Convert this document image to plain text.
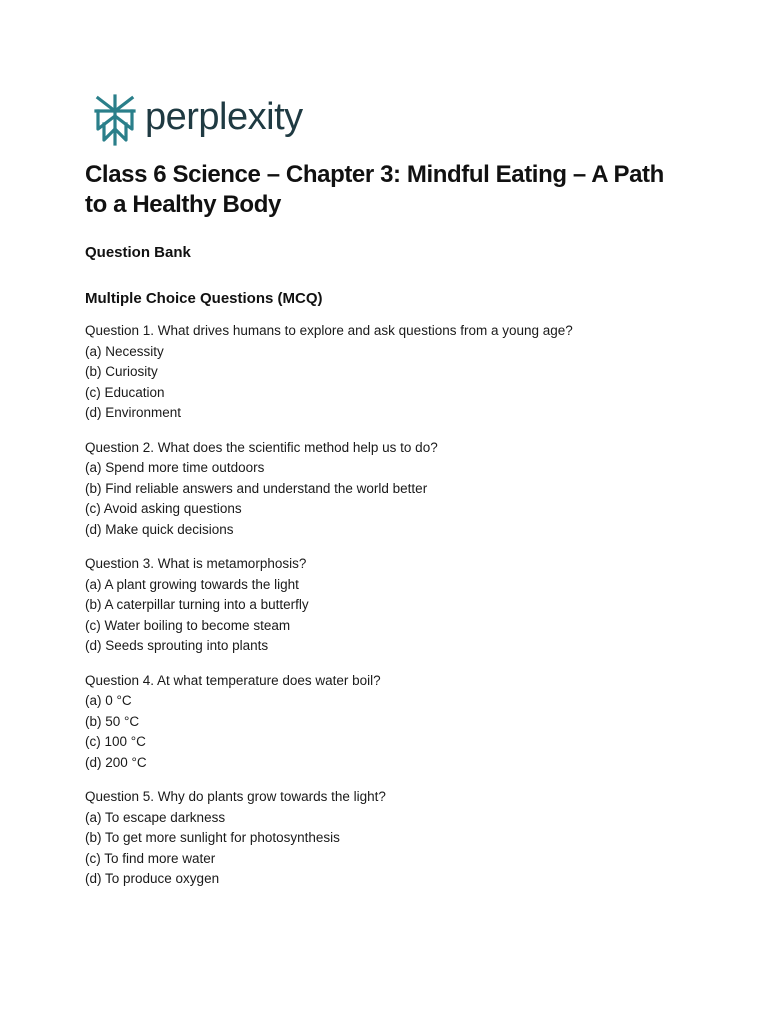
perplexity
Class 6 Science – Chapter 3: Mindful Eating – A Path to a Healthy Body
Question Bank
Multiple Choice Questions (MCQ)
Question 1. What drives humans to explore and ask questions from a young age?
(a) Necessity
(b) Curiosity
(c) Education
(d) Environment
Question 2. What does the scientific method help us to do?
(a) Spend more time outdoors
(b) Find reliable answers and understand the world better
(c) Avoid asking questions
(d) Make quick decisions
Question 3. What is metamorphosis?
(a) A plant growing towards the light
(b) A caterpillar turning into a butterfly
(c) Water boiling to become steam
(d) Seeds sprouting into plants
Question 4. At what temperature does water boil?
(a) 0 °C
(b) 50 °C
(c) 100 °C
(d) 200 °C
Question 5. Why do plants grow towards the light?
(a) To escape darkness
(b) To get more sunlight for photosynthesis
(c) To find more water
(d) To produce oxygen
